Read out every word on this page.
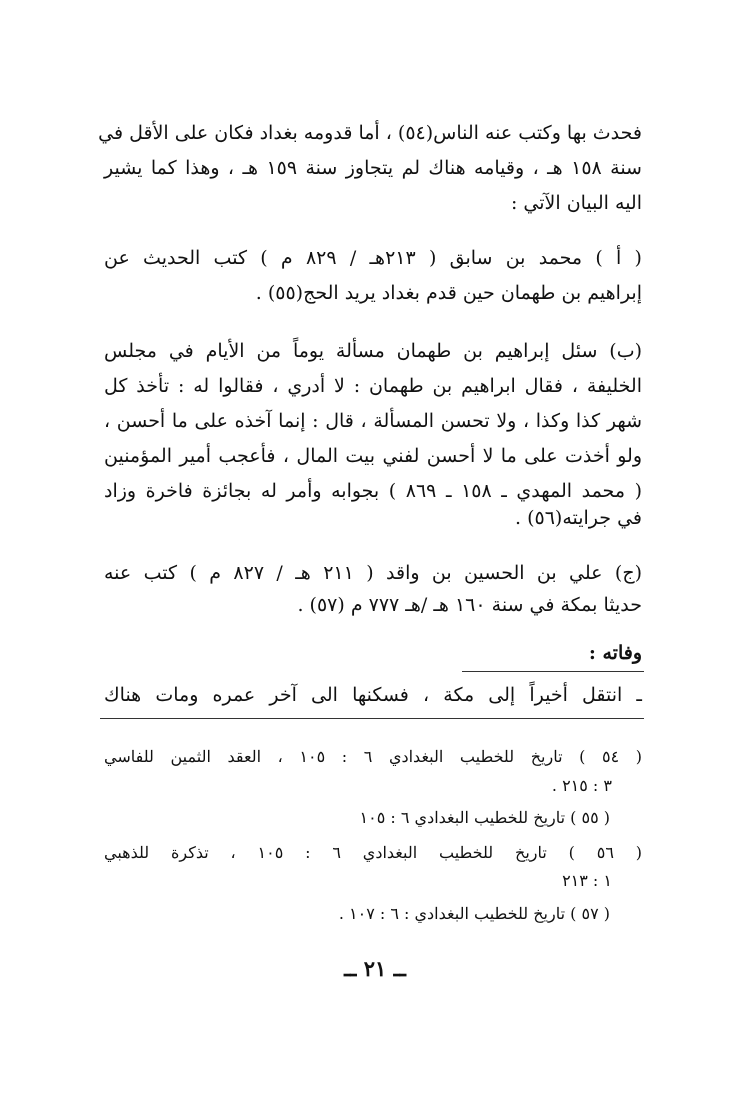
فحدث بها وكتب عنه الناس(٥٤) ، أما قدومه بغداد فكان على الأقل في
سنة ١٥٨ هـ ، وقيامه هناك لم يتجاوز سنة ١٥٩ هـ ، وهذا كما يشير
اليه البيان الآتي :
( أ ) محمد بن سابق ( ٢١٣هـ / ٨٢٩ م ) كتب الحديث عن
إبراهيم بن طهمان حين قدم بغداد يريد الحج(٥٥) .
(ب) سئل إبراهيم بن طهمان مسألة يوماً من الأيام في مجلس
الخليفة ، فقال ابراهيم بن طهمان : لا أدري ، فقالوا له : تأخذ كل
شهر كذا وكذا ، ولا تحسن المسألة ، قال : إنما آخذه على ما أحسن ،
ولو أخذت على ما لا أحسن لفني بيت المال ، فأعجب أمير المؤمنين
( محمد المهدي ـ ١٥٨ ـ ٨٦٩ ) بجوابه وأمر له بجائزة فاخرة وزاد
في جرايته(٥٦) .
(ج) علي بن الحسين بن واقد ( ٢١١ هـ / ٨٢٧ م ) كتب عنه
حديثا بمكة في سنة ١٦٠ هـ /هـ ٧٧٧ م (٥٧) .
وفاته :
ـ انتقل أخيراً إلى مكة ، فسكنها الى آخر عمره ومات هناك
( ٥٤ ) تاريخ للخطيب البغدادي ٦ : ١٠٥ ، العقد الثمين للفاسي
٣ : ٢١٥ .
( ٥٥ ) تاريخ للخطيب البغدادي ٦ : ١٠٥
( ٥٦ ) تاريخ للخطيب البغدادي ٦ : ١٠٥ ، تذكرة للذهبي
١ : ٢١٣
( ٥٧ ) تاريخ للخطيب البغدادي : ٦ : ١٠٧ .
ــ ٢١ ــ
